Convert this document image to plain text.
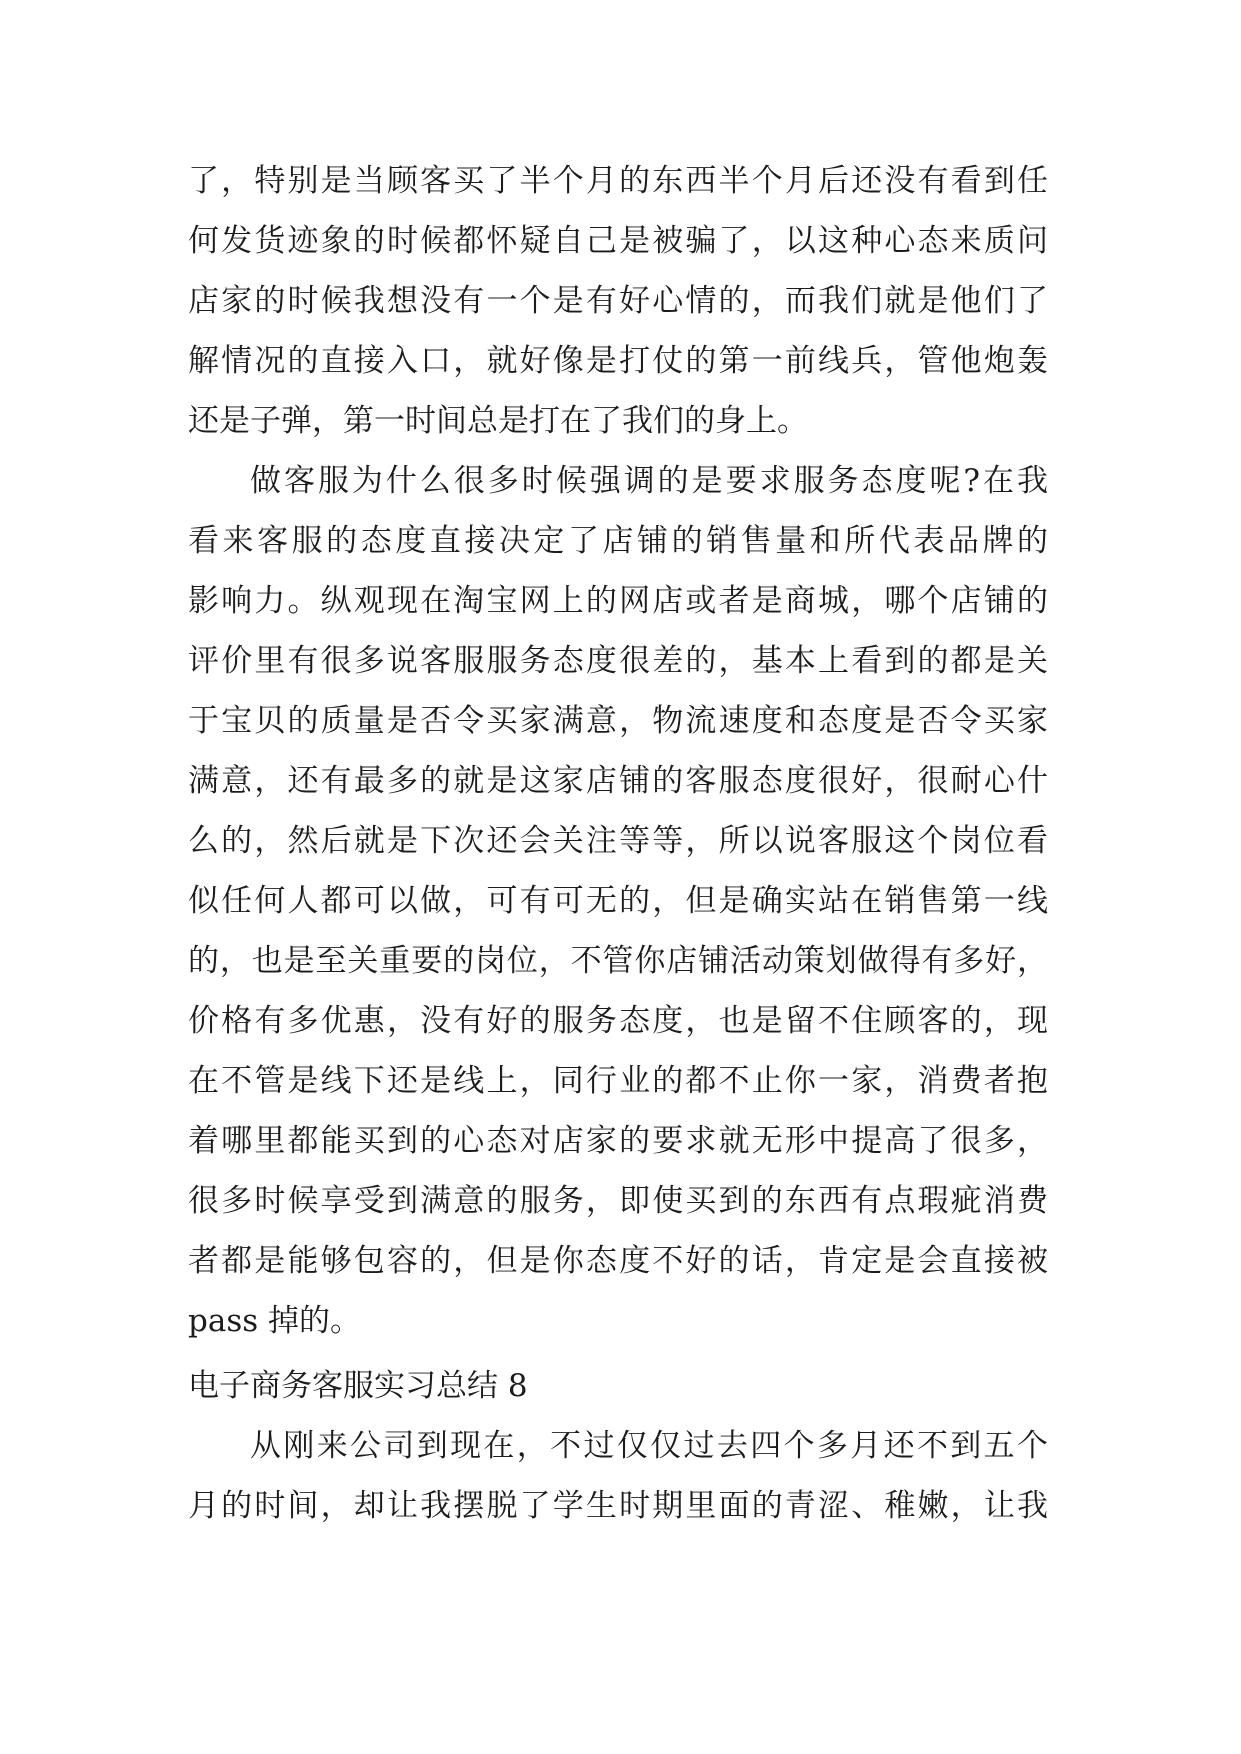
了，特别是当顾客买了半个月的东西半个月后还没有看到任
何发货迹象的时候都怀疑自己是被骗了，以这种心态来质问
店家的时候我想没有一个是有好心情的，而我们就是他们了
解情况的直接入口，就好像是打仗的第一前线兵，管他炮轰
还是子弹，第一时间总是打在了我们的身上。
做客服为什么很多时候强调的是要求服务态度呢?在我
看来客服的态度直接决定了店铺的销售量和所代表品牌的
影响力。纵观现在淘宝网上的网店或者是商城，哪个店铺的
评价里有很多说客服服务态度很差的，基本上看到的都是关
于宝贝的质量是否令买家满意，物流速度和态度是否令买家
满意，还有最多的就是这家店铺的客服态度很好，很耐心什
么的，然后就是下次还会关注等等，所以说客服这个岗位看
似任何人都可以做，可有可无的，但是确实站在销售第一线
的，也是至关重要的岗位，不管你店铺活动策划做得有多好，
价格有多优惠，没有好的服务态度，也是留不住顾客的，现
在不管是线下还是线上，同行业的都不止你一家，消费者抱
着哪里都能买到的心态对店家的要求就无形中提高了很多，
很多时候享受到满意的服务，即使买到的东西有点瑕疵消费
者都是能够包容的，但是你态度不好的话，肯定是会直接被
pass 掉的。
电子商务客服实习总结 8
从刚来公司到现在，不过仅仅过去四个多月还不到五个
月的时间，却让我摆脱了学生时期里面的青涩、稚嫩，让我
